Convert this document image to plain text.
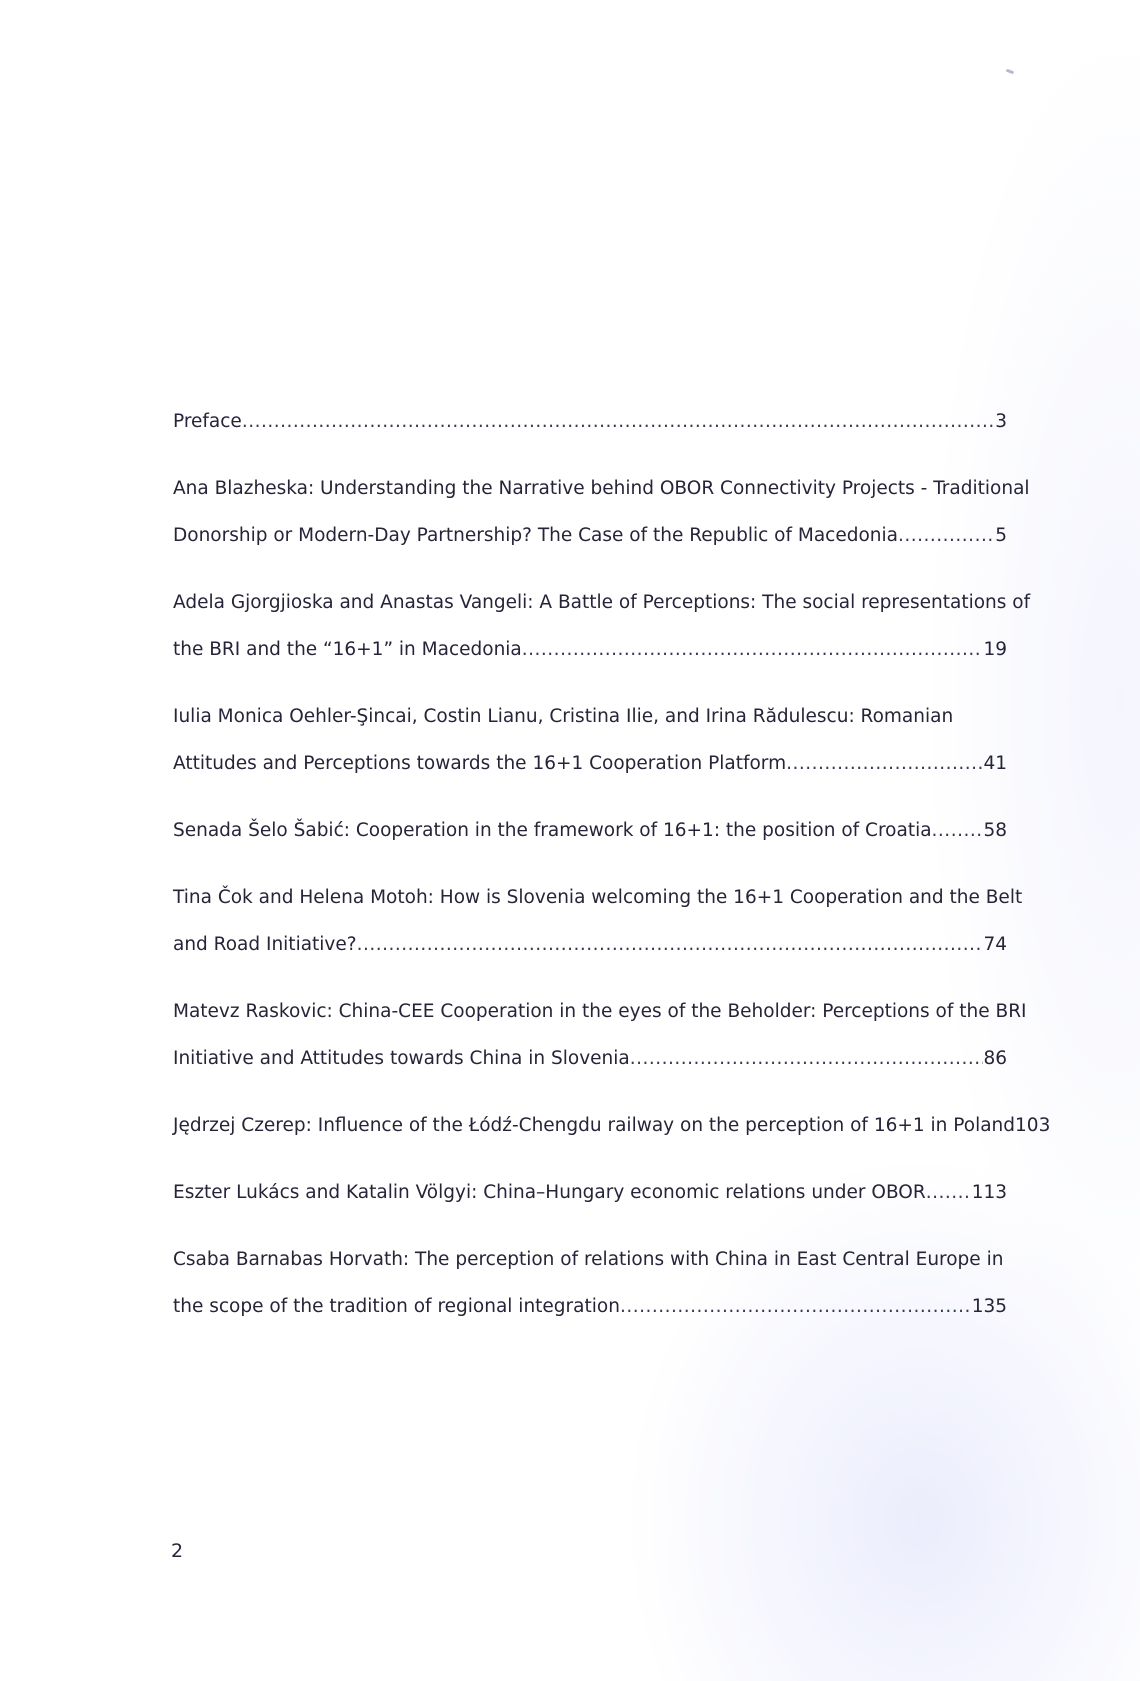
Preface .....	3
Ana Blazheska: Understanding the Narrative behind OBOR Connectivity Projects - Traditional
Donorship or Modern-Day Partnership? The Case of the Republic of Macedonia .....	5
Adela Gjorgjioska and Anastas Vangeli: A Battle of Perceptions: The social representations of
the BRI and the “16+1” in Macedonia .....	19
Iulia Monica Oehler-Şincai, Costin Lianu, Cristina Ilie, and Irina Rădulescu: Romanian
Attitudes and Perceptions towards the 16+1 Cooperation Platform .....	41
Senada Šelo Šabić: Cooperation in the framework of 16+1: the position of Croatia .....	58
Tina Čok and Helena Motoh: How is Slovenia welcoming the 16+1 Cooperation and the Belt
and Road Initiative? .....	74
Matevz Raskovic: China-CEE Cooperation in the eyes of the Beholder: Perceptions of the BRI
Initiative and Attitudes towards China in Slovenia .....	86
Jędrzej Czerep: Influence of the Łódź-Chengdu railway on the perception of 16+1 in Poland 103
Eszter Lukács and Katalin Völgyi: China–Hungary economic relations under OBOR ..... 113
Csaba Barnabas Horvath: The perception of relations with China in East Central Europe in
the scope of the tradition of regional integration .....	135
2
